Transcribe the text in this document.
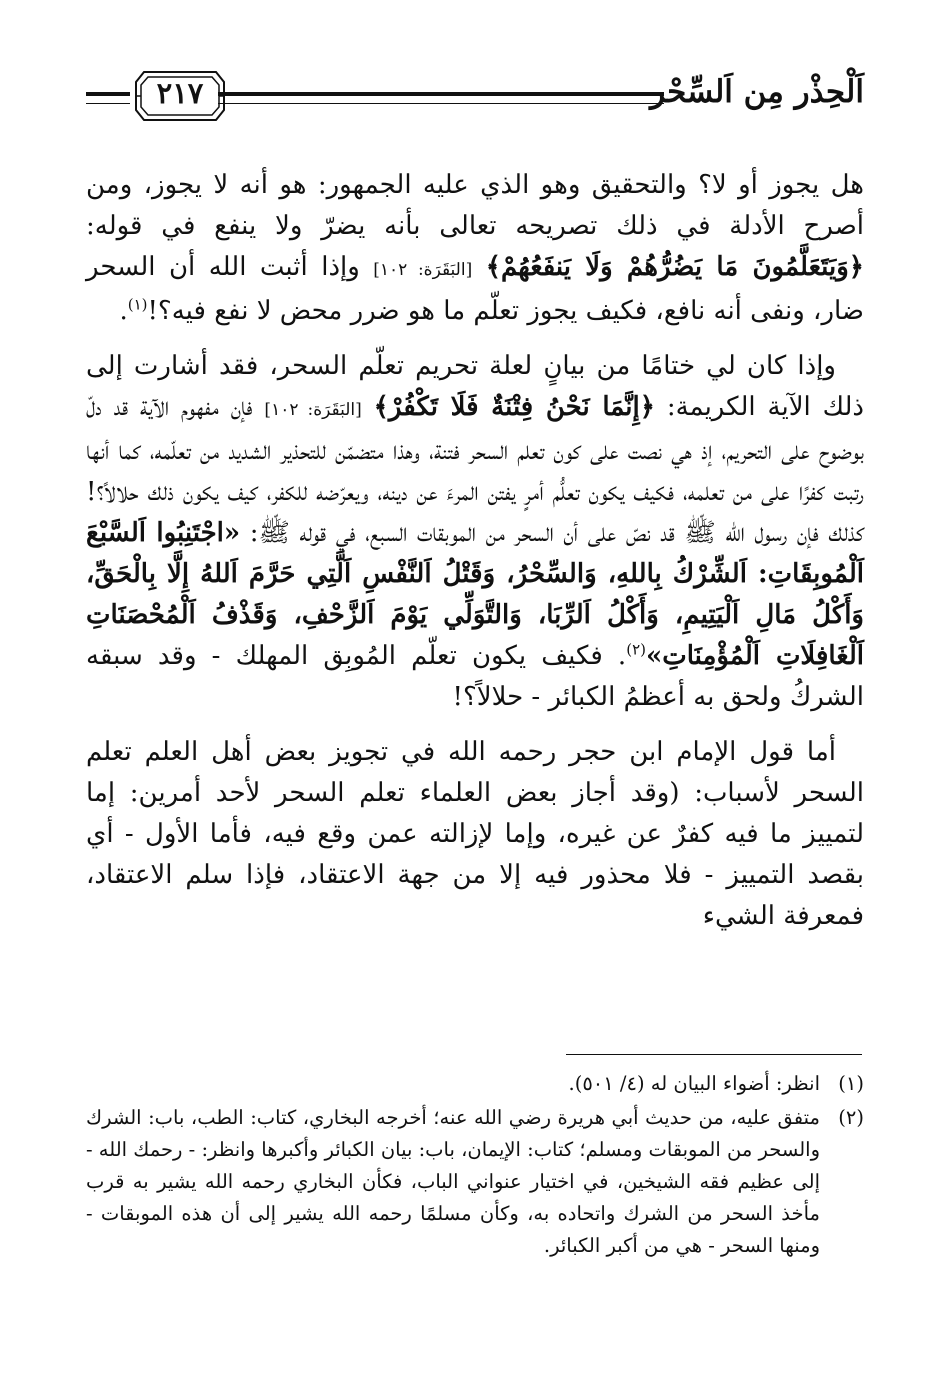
اَلْحِذْر مِن اَلسِّحْر
٢١٧

هل يجوز أو لا؟ والتحقيق وهو الذي عليه الجمهور: هو أنه لا يجوز، ومن أصرح الأدلة في ذلك تصريحه تعالى بأنه يضرّ ولا ينفع في قوله: ﴿وَيَتَعَلَّمُونَ مَا يَضُرُّهُمْ وَلَا يَنفَعُهُمْ﴾ [البَقَرَة: ١٠٢] وإذا أثبت الله أن السحر ضار، ونفى أنه نافع، فكيف يجوز تعلّم ما هو ضرر محض لا نفع فيه؟!$^{(١)}$.

وإذا كان لي ختامًا من بيانٍ لعلة تحريم تعلّم السحر، فقد أشارت إلى ذلك الآية الكريمة: ﴿إِنَّمَا نَحْنُ فِتْنَةٌ فَلَا تَكْفُرْ﴾ [البَقَرَة: ١٠٢] فإن مفهوم الآية قد دلّ بوضوح على التحريم، إذ هي نصت على كون تعلم السحر فتنة، وهذا متضمّن للتحذير الشديد من تعلّمه، كما أنها رتبت كفرًا على من تعلمه، فكيف يكون تعلُّم أمرٍ يفتن المرءَ عن دينه، ويعرّضه للكفر، كيف يكون ذلك حلالاً؟! كذلك فإن رسول الله ﷺ قد نصّ على أن السحر من الموبقات السبع، في قوله ﷺ: «اجْتَنِبُوا اَلسَّبْعَ اَلْمُوبِقَاتِ: اَلشِّرْكُ بِاللهِ، وَالسِّحْرُ، وَقَتْلُ اَلنَّفْسِ اَلَّتِي حَرَّمَ اَللهُ إِلَّا بِالْحَقِّ، وَأَكْلُ مَالِ اَلْيَتِيمِ، وَأَكْلُ اَلرِّبَا، وَالتَّوَلِّي يَوْمَ اَلزَّحْفِ، وَقَذْفُ اَلْمُحْصَنَاتِ اَلْغَافِلَاتِ اَلْمُؤْمِنَاتِ»$^{(٢)}$. فكيف يكون تعلّم المُوبِق المهلك - وقد سبقه الشركُ ولحق به أعظمُ الكبائر - حلالاً؟!

أما قول الإمام ابن حجر رحمه الله في تجويز بعض أهل العلم تعلم السحر لأسباب: (وقد أجاز بعض العلماء تعلم السحر لأحد أمرين: إما لتمييز ما فيه كفرٌ عن غيره، وإما لإزالته عمن وقع فيه، فأما الأول - أي بقصد التمييز - فلا محذور فيه إلا من جهة الاعتقاد، فإذا سلم الاعتقاد، فمعرفة الشيء

(١)
انظر: أضواء البيان له (٤/ ٥٠١).
(٢)
متفق عليه، من حديث أبي هريرة رضي الله عنه؛ أخرجه البخاري، كتاب: الطب، باب: الشرك والسحر من الموبقات ومسلم؛ كتاب: الإيمان، باب: بيان الكبائر وأكبرها وانظر: - رحمك الله - إلى عظيم فقه الشيخين، في اختيار عنواني الباب، فكأن البخاري رحمه الله يشير به قرب مأخذ السحر من الشرك واتحاده به، وكأن مسلمًا رحمه الله يشير إلى أن هذه الموبقات - ومنها السحر - هي من أكبر الكبائر.
